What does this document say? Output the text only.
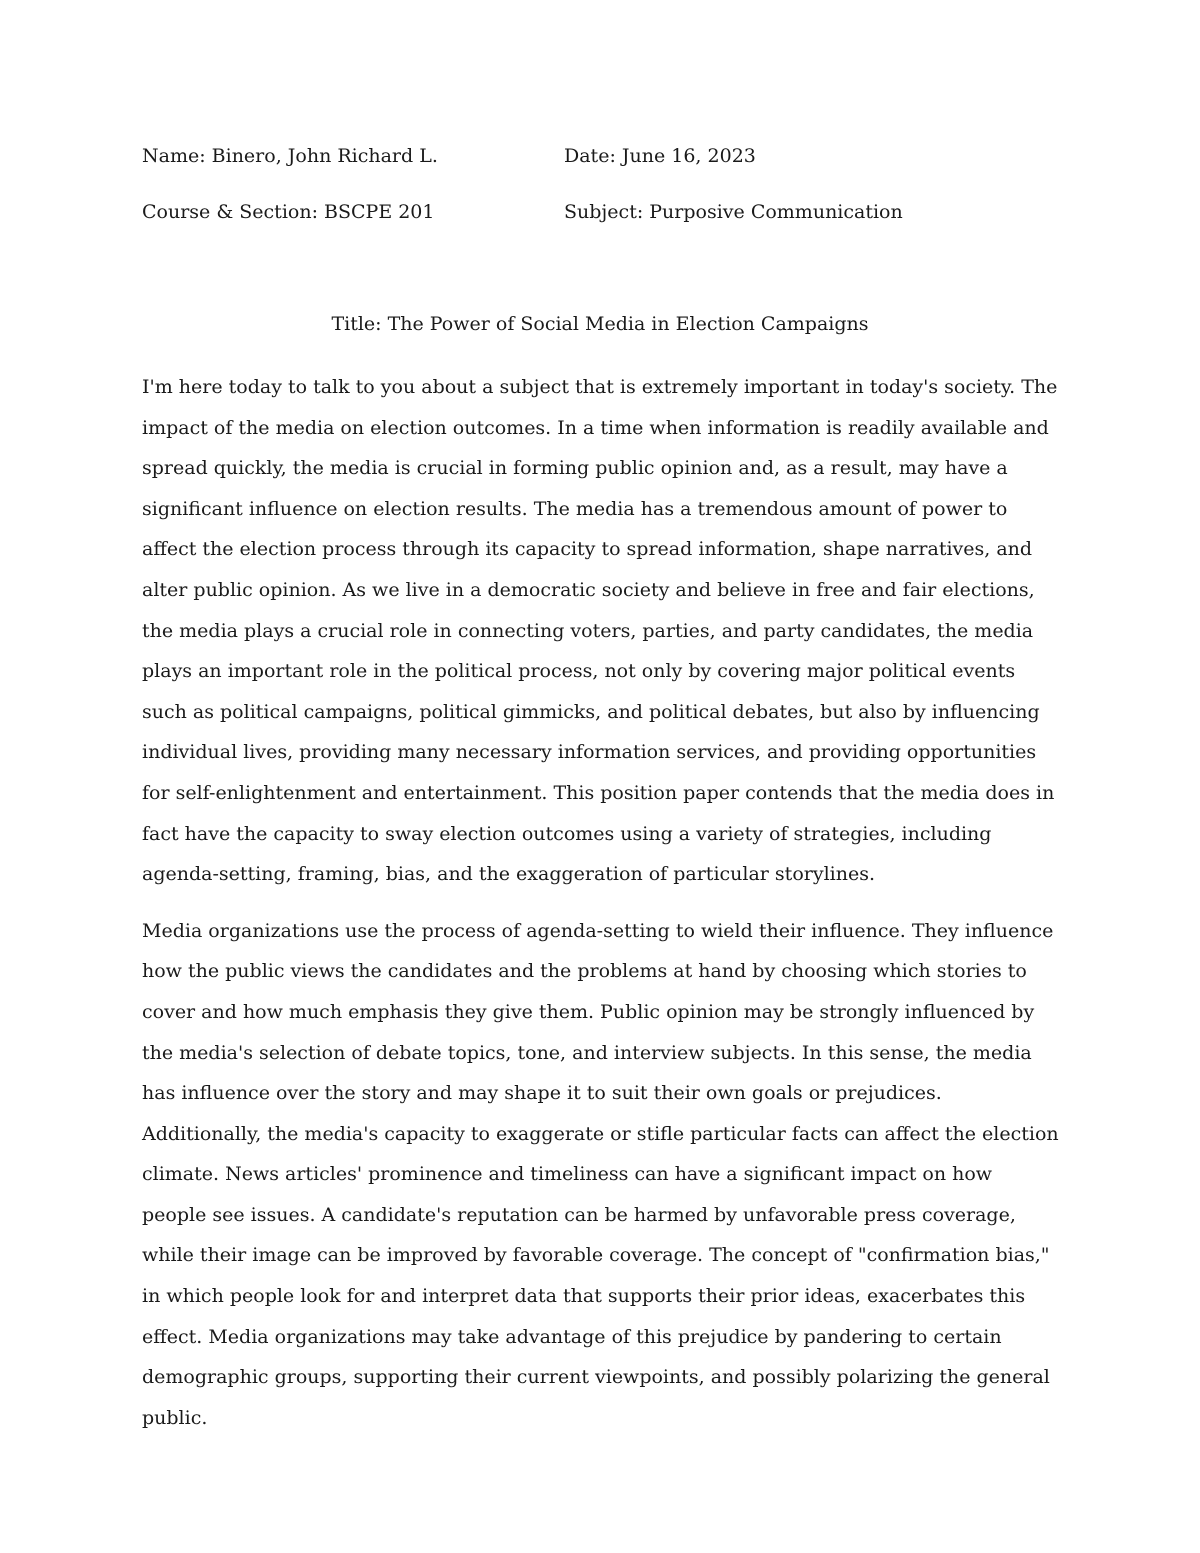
Name: Binero, John Richard L.	Date: June 16, 2023
Course & Section: BSCPE 201	Subject: Purposive Communication
Title: The Power of Social Media in Election Campaigns

I'm here today to talk to you about a subject that is extremely important in today's society. The impact of the media on election outcomes. In a time when information is readily available and spread quickly, the media is crucial in forming public opinion and, as a result, may have a significant influence on election results. The media has a tremendous amount of power to affect the election process through its capacity to spread information, shape narratives, and alter public opinion. As we live in a democratic society and believe in free and fair elections, the media plays a crucial role in connecting voters, parties, and party candidates, the media plays an important role in the political process, not only by covering major political events such as political campaigns, political gimmicks, and political debates, but also by influencing individual lives, providing many necessary information services, and providing opportunities for self-enlightenment and entertainment. This position paper contends that the media does in fact have the capacity to sway election outcomes using a variety of strategies, including agenda-setting, framing, bias, and the exaggeration of particular storylines.

Media organizations use the process of agenda-setting to wield their influence. They influence how the public views the candidates and the problems at hand by choosing which stories to cover and how much emphasis they give them. Public opinion may be strongly influenced by the media's selection of debate topics, tone, and interview subjects. In this sense, the media has influence over the story and may shape it to suit their own goals or prejudices. Additionally, the media's capacity to exaggerate or stifle particular facts can affect the election climate. News articles' prominence and timeliness can have a significant impact on how people see issues. A candidate's reputation can be harmed by unfavorable press coverage, while their image can be improved by favorable coverage. The concept of "confirmation bias," in which people look for and interpret data that supports their prior ideas, exacerbates this effect. Media organizations may take advantage of this prejudice by pandering to certain demographic groups, supporting their current viewpoints, and possibly polarizing the general public.
